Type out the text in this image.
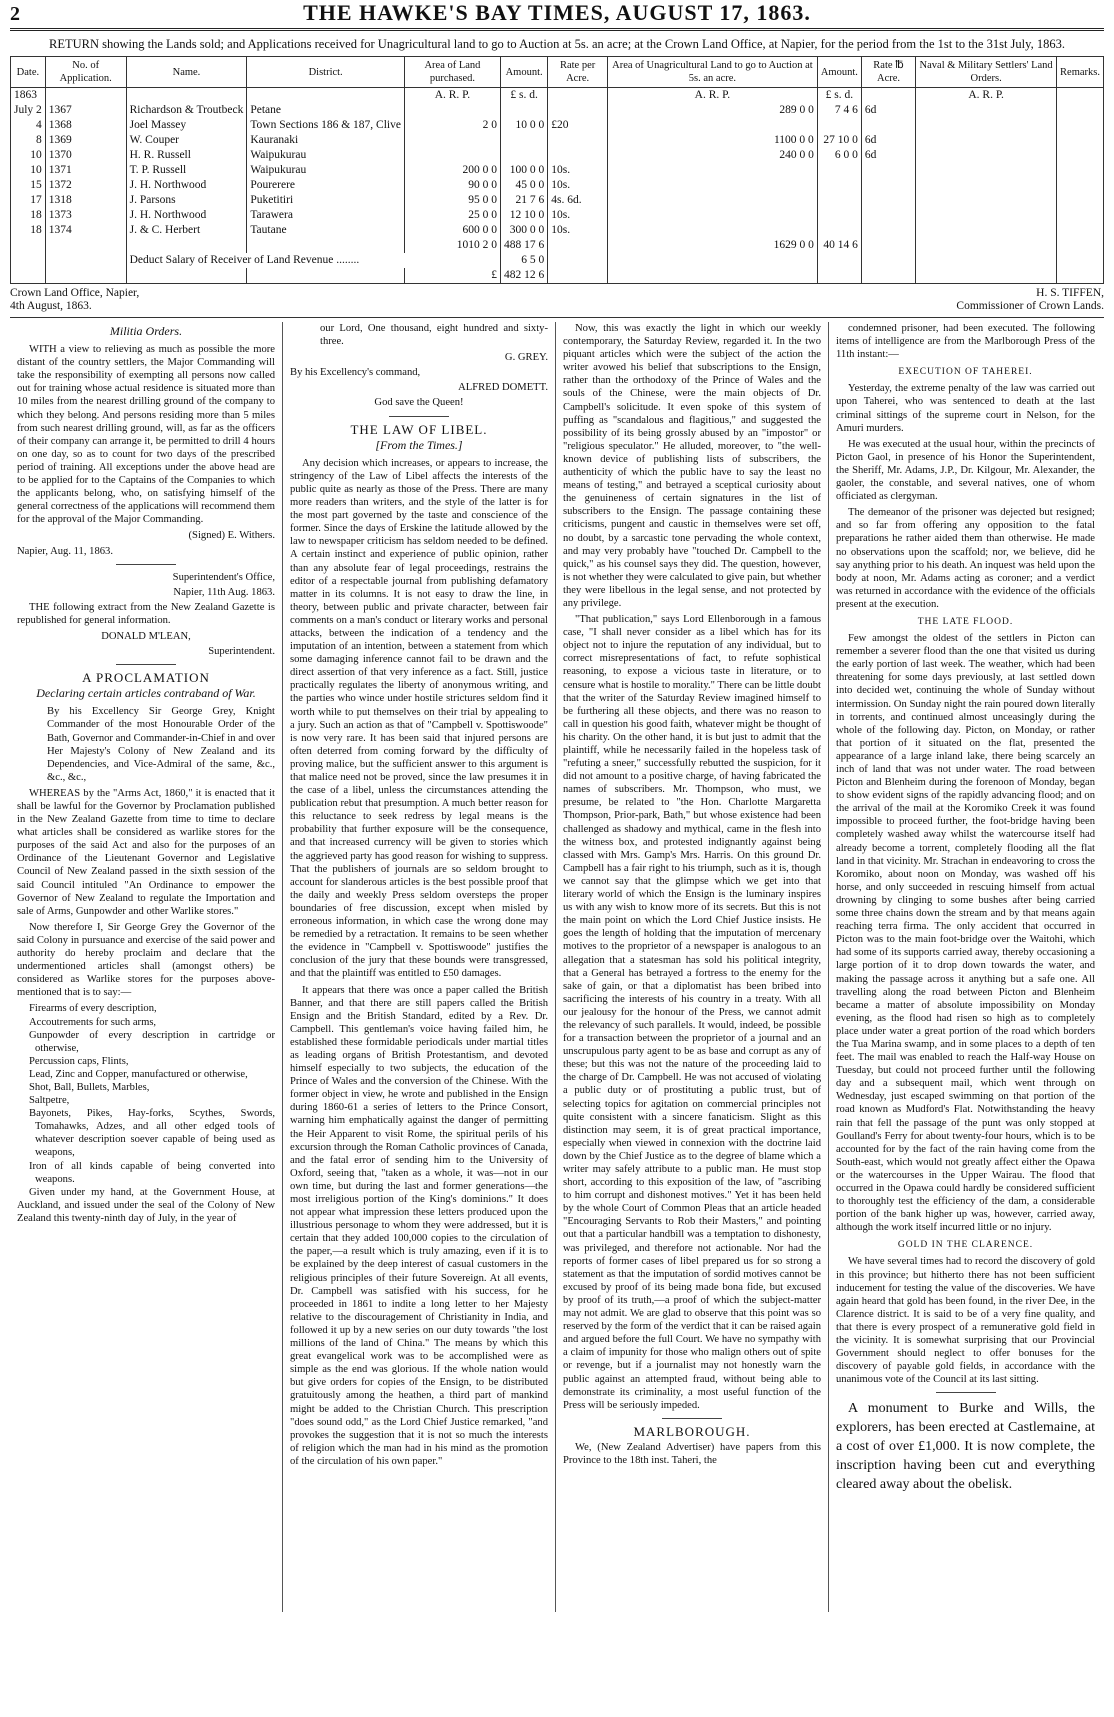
2	THE HAWKE'S BAY TIMES, AUGUST 17, 1863.
RETURN showing the Lands sold; and Applications received for Unagricultural land to go to Auction at 5s. an acre; at the Crown Land Office, at Napier, for the period from the 1st to the 31st July, 1863.
Date.	No. of Application.	Name.	District.	Area of Land purchased.	Amount.	Rate per Acre.	Area of Unagricultural Land to go to Auction at 5s. an acre.	Amount.	Rate ℔ Acre.	Naval & Military Settlers' Land Orders.	Remarks.
1863				A. R. P.	£ s. d.		A. R. P.	£ s. d.		A. R. P.	
July 2	1367	Richardson & Troutbeck	Petane				289 0 0	7 4 6	6d		
4	1368	Joel Massey	Town Sections 186 & 187, Clive	2 0	10 0 0	£20					
8	1369	W. Couper	Kauranaki				1100 0 0	27 10 0	6d		
10	1370	H. R. Russell	Waipukurau				240 0 0	6 0 0	6d		
10	1371	T. P. Russell	Waipukurau	200 0 0	100 0 0	10s.					
15	1372	J. H. Northwood	Pourerere	90 0 0	45 0 0	10s.					
17	1318	J. Parsons	Puketitiri	95 0 0	21 7 6	4s. 6d.					
18	1373	J. H. Northwood	Tarawera	25 0 0	12 10 0	10s.					
18	1374	J. & C. Herbert	Tautane	600 0 0	300 0 0	10s.					
				1010 2 0	488 17 6		1629 0 0	40 14 6			
		Deduct Salary of Receiver of Land Revenue ........			6 5 0						
				£	482 12 6						
Crown Land Office, Napier,
4th August, 1863.
H. S. TIFFEN,
Commissioner of Crown Lands.
Militia Orders.

WITH a view to relieving as much as possible the more distant of the country settlers, the Major Commanding will take the responsibility of exempting all persons now called out for training whose actual residence is situated more than 10 miles from the nearest drilling ground of the company to which they belong. And persons residing more than 5 miles from such nearest drilling ground, will, as far as the officers of their company can arrange it, be permitted to drill 4 hours on one day, so as to count for two days of the prescribed period of training. All exceptions under the above head are to be applied for to the Captains of the Companies to which the applicants belong, who, on satisfying himself of the general correctness of the applications will recommend them for the approval of the Major Commanding.

(Signed) E. Withers.
Napier, Aug. 11, 1863.
Superintendent's Office,
Napier, 11th Aug. 1863.

THE following extract from the New Zealand Gazette is republished for general information.

DONALD M'LEAN,
Superintendent.
A PROCLAMATION
Declaring certain articles contraband of War.

By his Excellency Sir George Grey, Knight Commander of the most Honourable Order of the Bath, Governor and Commander-in-Chief in and over Her Majesty's Colony of New Zealand and its Dependencies, and Vice-Admiral of the same, &c., &c., &c.,

WHEREAS by the "Arms Act, 1860," it is enacted that it shall be lawful for the Governor by Proclamation published in the New Zealand Gazette from time to time to declare what articles shall be considered as warlike stores for the purposes of the said Act and also for the purposes of an Ordinance of the Lieutenant Governor and Legislative Council of New Zealand passed in the sixth session of the said Council intituled "An Ordinance to empower the Governor of New Zealand to regulate the Importation and sale of Arms, Gunpowder and other Warlike stores."

Now therefore I, Sir George Grey the Governor of the said Colony in pursuance and exercise of the said power and authority do hereby proclaim and declare that the undermentioned articles shall (amongst others) be considered as Warlike stores for the purposes above-mentioned that is to say:—

Firearms of every description,
Accoutrements for such arms,
Gunpowder of every description in cartridge or otherwise,
Percussion caps, Flints,
Lead, Zinc and Copper, manufactured or otherwise,
Shot, Ball, Bullets, Marbles,
Saltpetre,
Bayonets, Pikes, Hay-forks, Scythes, Swords, Tomahawks, Adzes, and all other edged tools of whatever description soever capable of being used as weapons,
Iron of all kinds capable of being converted into weapons.

Given under my hand, at the Government House, at Auckland, and issued under the seal of the Colony of New Zealand this twenty-ninth day of July, in the year of

our Lord, One thousand, eight hundred and sixty-three.

G. GREY.
By his Excellency's command,
ALFRED DOMETT.
God save the Queen!
THE LAW OF LIBEL.
[From the Times.]

Any decision which increases, or appears to increase, the stringency of the Law of Libel affects the interests of the public quite as nearly as those of the Press. There are many more readers than writers, and the style of the latter is for the most part governed by the taste and conscience of the former. Since the days of Erskine the latitude allowed by the law to newspaper criticism has seldom needed to be defined. A certain instinct and experience of public opinion, rather than any absolute fear of legal proceedings, restrains the editor of a respectable journal from publishing defamatory matter in its columns. It is not easy to draw the line, in theory, between public and private character, between fair comments on a man's conduct or literary works and personal attacks, between the indication of a tendency and the imputation of an intention, between a statement from which some damaging inference cannot fail to be drawn and the direct assertion of that very inference as a fact. Still, justice practically regulates the liberty of anonymous writing, and the parties who wince under hostile strictures seldom find it worth while to put themselves on their trial by appealing to a jury. Such an action as that of "Campbell v. Spottiswoode" is now very rare. It has been said that injured persons are often deterred from coming forward by the difficulty of proving malice, but the sufficient answer to this argument is that malice need not be proved, since the law presumes it in the case of a libel, unless the circumstances attending the publication rebut that presumption. A much better reason for this reluctance to seek redress by legal means is the probability that further exposure will be the consequence, and that increased currency will be given to stories which the aggrieved party has good reason for wishing to suppress. That the publishers of journals are so seldom brought to account for slanderous articles is the best possible proof that the daily and weekly Press seldom oversteps the proper boundaries of free discussion, except when misled by erroneous information, in which case the wrong done may be remedied by a retractation. It remains to be seen whether the evidence in "Campbell v. Spottiswoode" justifies the conclusion of the jury that these bounds were transgressed, and that the plaintiff was entitled to £50 damages.

It appears that there was once a paper called the British Banner, and that there are still papers called the British Ensign and the British Standard, edited by a Rev. Dr. Campbell. This gentleman's voice having failed him, he established these formidable periodicals under martial titles as leading organs of British Protestantism, and devoted himself especially to two subjects, the education of the Prince of Wales and the conversion of the Chinese. With the former object in view, he wrote and published in the Ensign during 1860-61 a series of letters to the Prince Consort, warning him emphatically against the danger of permitting the Heir Apparent to visit Rome, the spiritual perils of his excursion through the Roman Catholic provinces of Canada, and the fatal error of sending him to the University of Oxford, seeing that, "taken as a whole, it was—not in our own time, but during the last and former generations—the most irreligious portion of the King's dominions." It does not appear what impression these letters produced upon the illustrious personage to whom they were addressed, but it is certain that they added 100,000 copies to the circulation of the paper,—a result which is truly amazing, even if it is to be explained by the deep interest of casual customers in the religious principles of their future Sovereign. At all events, Dr. Campbell was satisfied with his success, for he proceeded in 1861 to indite a long letter to her Majesty relative to the discouragement of Christianity in India, and followed it up by a new series on our duty towards "the lost millions of the land of China." The means by which this great evangelical work was to be accomplished were as simple as the end was glorious. If the whole nation would but give orders for copies of the Ensign, to be distributed gratuitously among the heathen, a third part of mankind might be added to the Christian Church. This prescription "does sound odd," as the Lord Chief Justice remarked, "and provokes the suggestion that it is not so much the interests of religion which the man had in his mind as the promotion of the circulation of his own paper."

Now, this was exactly the light in which our weekly contemporary, the Saturday Review, regarded it. In the two piquant articles which were the subject of the action the writer avowed his belief that subscriptions to the Ensign, rather than the orthodoxy of the Prince of Wales and the souls of the Chinese, were the main objects of Dr. Campbell's solicitude. It even spoke of this system of puffing as "scandalous and flagitious," and suggested the possibility of its being grossly abused by an "impostor" or "religious speculator." He alluded, moreover, to "the well-known device of publishing lists of subscribers, the authenticity of which the public have to say the least no means of testing," and betrayed a sceptical curiosity about the genuineness of certain signatures in the list of subscribers to the Ensign. The passage containing these criticisms, pungent and caustic in themselves were set off, no doubt, by a sarcastic tone pervading the whole context, and may very probably have "touched Dr. Campbell to the quick," as his counsel says they did. The question, however, is not whether they were calculated to give pain, but whether they were libellous in the legal sense, and not protected by any privilege.

"That publication," says Lord Ellenborough in a famous case, "I shall never consider as a libel which has for its object not to injure the reputation of any individual, but to correct misrepresentations of fact, to refute sophistical reasoning, to expose a vicious taste in literature, or to censure what is hostile to morality." There can be little doubt that the writer of the Saturday Review imagined himself to be furthering all these objects, and there was no reason to call in question his good faith, whatever might be thought of his charity. On the other hand, it is but just to admit that the plaintiff, while he necessarily failed in the hopeless task of "refuting a sneer," successfully rebutted the suspicion, for it did not amount to a positive charge, of having fabricated the names of subscribers. Mr. Thompson, who must, we presume, be related to "the Hon. Charlotte Margaretta Thompson, Prior-park, Bath," but whose existence had been challenged as shadowy and mythical, came in the flesh into the witness box, and protested indignantly against being classed with Mrs. Gamp's Mrs. Harris. On this ground Dr. Campbell has a fair right to his triumph, such as it is, though we cannot say that the glimpse which we get into that literary world of which the Ensign is the luminary inspires us with any wish to know more of its secrets. But this is not the main point on which the Lord Chief Justice insists. He goes the length of holding that the imputation of mercenary motives to the proprietor of a newspaper is analogous to an allegation that a statesman has sold his political integrity, that a General has betrayed a fortress to the enemy for the sake of gain, or that a diplomatist has been bribed into sacrificing the interests of his country in a treaty. With all our jealousy for the honour of the Press, we cannot admit the relevancy of such parallels. It would, indeed, be possible for a transaction between the proprietor of a journal and an unscrupulous party agent to be as base and corrupt as any of these; but this was not the nature of the proceeding laid to the charge of Dr. Campbell. He was not accused of violating a public duty or of prostituting a public trust, but of selecting topics for agitation on commercial principles not quite consistent with a sincere fanaticism. Slight as this distinction may seem, it is of great practical importance, especially when viewed in connexion with the doctrine laid down by the Chief Justice as to the degree of blame which a writer may safely attribute to a public man. He must stop short, according to this exposition of the law, of "ascribing to him corrupt and dishonest motives." Yet it has been held by the whole Court of Common Pleas that an article headed "Encouraging Servants to Rob their Masters," and pointing out that a particular handbill was a temptation to dishonesty, was privileged, and therefore not actionable. Nor had the reports of former cases of libel prepared us for so strong a statement as that the imputation of sordid motives cannot be excused by proof of its being made bona fide, but excused by proof of its truth,—a proof of which the subject-matter may not admit. We are glad to observe that this point was so reserved by the form of the verdict that it can be raised again and argued before the full Court. We have no sympathy with a claim of impunity for those who malign others out of spite or revenge, but if a journalist may not honestly warn the public against an attempted fraud, without being able to demonstrate its criminality, a most useful function of the Press will be seriously impeded.

MARLBOROUGH.

We, (New Zealand Advertiser) have papers from this Province to the 18th inst. Taheri, the

condemned prisoner, had been executed. The following items of intelligence are from the Marlborough Press of the 11th instant:—

EXECUTION OF TAHEREI.

Yesterday, the extreme penalty of the law was carried out upon Taherei, who was sentenced to death at the last criminal sittings of the supreme court in Nelson, for the Amuri murders.

He was executed at the usual hour, within the precincts of Picton Gaol, in presence of his Honor the Superintendent, the Sheriff, Mr. Adams, J.P., Dr. Kilgour, Mr. Alexander, the gaoler, the constable, and several natives, one of whom officiated as clergyman.

The demeanor of the prisoner was dejected but resigned; and so far from offering any opposition to the fatal preparations he rather aided them than otherwise. He made no observations upon the scaffold; nor, we believe, did he say anything prior to his death. An inquest was held upon the body at noon, Mr. Adams acting as coroner; and a verdict was returned in accordance with the evidence of the officials present at the execution.

THE LATE FLOOD.

Few amongst the oldest of the settlers in Picton can remember a severer flood than the one that visited us during the early portion of last week. The weather, which had been threatening for some days previously, at last settled down into decided wet, continuing the whole of Sunday without intermission. On Sunday night the rain poured down literally in torrents, and continued almost unceasingly during the whole of the following day. Picton, on Monday, or rather that portion of it situated on the flat, presented the appearance of a large inland lake, there being scarcely an inch of land that was not under water. The road between Picton and Blenheim during the forenoon of Monday, began to show evident signs of the rapidly advancing flood; and on the arrival of the mail at the Koromiko Creek it was found impossible to proceed further, the foot-bridge having been completely washed away whilst the watercourse itself had already become a torrent, completely flooding all the flat land in that vicinity. Mr. Strachan in endeavoring to cross the Koromiko, about noon on Monday, was washed off his horse, and only succeeded in rescuing himself from actual drowning by clinging to some bushes after being carried some three chains down the stream and by that means again reaching terra firma. The only accident that occurred in Picton was to the main foot-bridge over the Waitohi, which had some of its supports carried away, thereby occasioning a large portion of it to drop down towards the water, and making the passage across it anything but a safe one. All travelling along the road between Picton and Blenheim became a matter of absolute impossibility on Monday evening, as the flood had risen so high as to completely place under water a great portion of the road which borders the Tua Marina swamp, and in some places to a depth of ten feet. The mail was enabled to reach the Half-way House on Tuesday, but could not proceed further until the following day and a subsequent mail, which went through on Wednesday, just escaped swimming on that portion of the road known as Mudford's Flat. Notwithstanding the heavy rain that fell the passage of the punt was only stopped at Goulland's Ferry for about twenty-four hours, which is to be accounted for by the fact of the rain having come from the South-east, which would not greatly affect either the Opawa or the watercourses in the Upper Wairau. The flood that occurred in the Opawa could hardly be considered sufficient to thoroughly test the efficiency of the dam, a considerable portion of the bank higher up was, however, carried away, although the work itself incurred little or no injury.

GOLD IN THE CLARENCE.

We have several times had to record the discovery of gold in this province; but hitherto there has not been sufficient inducement for testing the value of the discoveries. We have again heard that gold has been found, in the river Dee, in the Clarence district. It is said to be of a very fine quality, and that there is every prospect of a remunerative gold field in the vicinity. It is somewhat surprising that our Provincial Government should neglect to offer bonuses for the discovery of payable gold fields, in accordance with the unanimous vote of the Council at its last sitting.

A monument to Burke and Wills, the explorers, has been erected at Castlemaine, at a cost of over £1,000. It is now complete, the inscription having been cut and everything cleared away about the obelisk.
